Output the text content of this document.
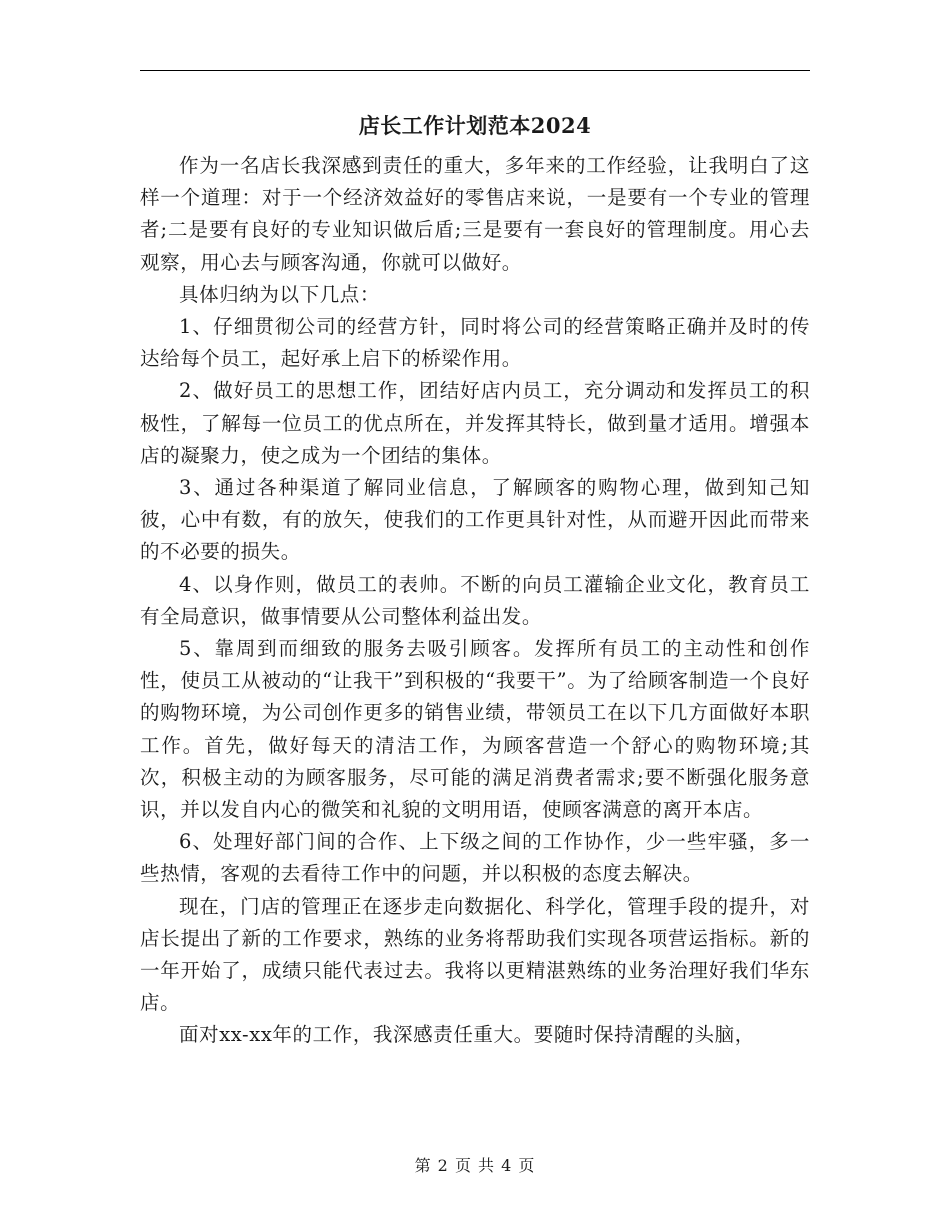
店长工作计划范本2024

作为一名店长我深感到责任的重大，多年来的工作经验，让我明白了这样一个道理：对于一个经济效益好的零售店来说，一是要有一个专业的管理者;二是要有良好的专业知识做后盾;三是要有一套良好的管理制度。用心去观察，用心去与顾客沟通，你就可以做好。

具体归纳为以下几点：

1、仔细贯彻公司的经营方针，同时将公司的经营策略正确并及时的传达给每个员工，起好承上启下的桥梁作用。

2、做好员工的思想工作，团结好店内员工，充分调动和发挥员工的积极性，了解每一位员工的优点所在，并发挥其特长，做到量才适用。增强本店的凝聚力，使之成为一个团结的集体。

3、通过各种渠道了解同业信息，了解顾客的购物心理，做到知己知彼，心中有数，有的放矢，使我们的工作更具针对性，从而避开因此而带来的不必要的损失。

4、以身作则，做员工的表帅。不断的向员工灌输企业文化，教育员工有全局意识，做事情要从公司整体利益出发。

5、靠周到而细致的服务去吸引顾客。发挥所有员工的主动性和创作性，使员工从被动的“让我干”到积极的“我要干”。为了给顾客制造一个良好的购物环境，为公司创作更多的销售业绩，带领员工在以下几方面做好本职工作。首先，做好每天的清洁工作，为顾客营造一个舒心的购物环境;其次，积极主动的为顾客服务，尽可能的满足消费者需求;要不断强化服务意识，并以发自内心的微笑和礼貌的文明用语，使顾客满意的离开本店。

6、处理好部门间的合作、上下级之间的工作协作，少一些牢骚，多一些热情，客观的去看待工作中的问题，并以积极的态度去解决。

现在，门店的管理正在逐步走向数据化、科学化，管理手段的提升，对店长提出了新的工作要求，熟练的业务将帮助我们实现各项营运指标。新的一年开始了，成绩只能代表过去。我将以更精湛熟练的业务治理好我们华东店。

面对xx-xx年的工作，我深感责任重大。要随时保持清醒的头脑，

第 2 页 共 4 页
